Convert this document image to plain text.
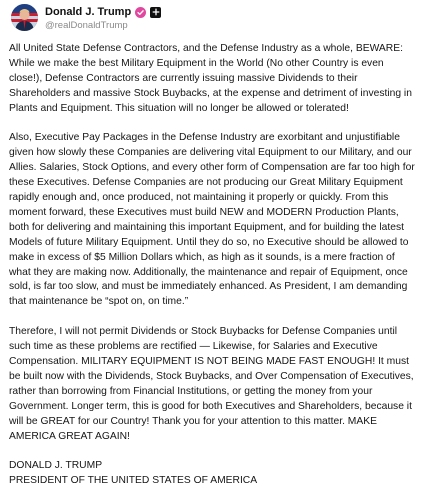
Donald J. Trump
@realDonaldTrump

All United State Defense Contractors, and the Defense Industry as a whole, BEWARE: While we make the best Military Equipment in the World (No other Country is even close!), Defense Contractors are currently issuing massive Dividends to their Shareholders and massive Stock Buybacks, at the expense and detriment of investing in Plants and Equipment. This situation will no longer be allowed or tolerated!

Also, Executive Pay Packages in the Defense Industry are exorbitant and unjustifiable given how slowly these Companies are delivering vital Equipment to our Military, and our Allies. Salaries, Stock Options, and every other form of Compensation are far too high for these Executives. Defense Companies are not producing our Great Military Equipment rapidly enough and, once produced, not maintaining it properly or quickly. From this moment forward, these Executives must build NEW and MODERN Production Plants, both for delivering and maintaining this important Equipment, and for building the latest Models of future Military Equipment. Until they do so, no Executive should be allowed to make in excess of $5 Million Dollars which, as high as it sounds, is a mere fraction of what they are making now. Additionally, the maintenance and repair of Equipment, once sold, is far too slow, and must be immediately enhanced. As President, I am demanding that maintenance be “spot on, on time.”

Therefore, I will not permit Dividends or Stock Buybacks for Defense Companies until such time as these problems are rectified — Likewise, for Salaries and Executive Compensation. MILITARY EQUIPMENT IS NOT BEING MADE FAST ENOUGH! It must be built now with the Dividends, Stock Buybacks, and Over Compensation of Executives, rather than borrowing from Financial Institutions, or getting the money from your Government. Longer term, this is good for both Executives and Shareholders, because it will be GREAT for our Country! Thank you for your attention to this matter. MAKE AMERICA GREAT AGAIN!

DONALD J. TRUMP
PRESIDENT OF THE UNITED STATES OF AMERICA
